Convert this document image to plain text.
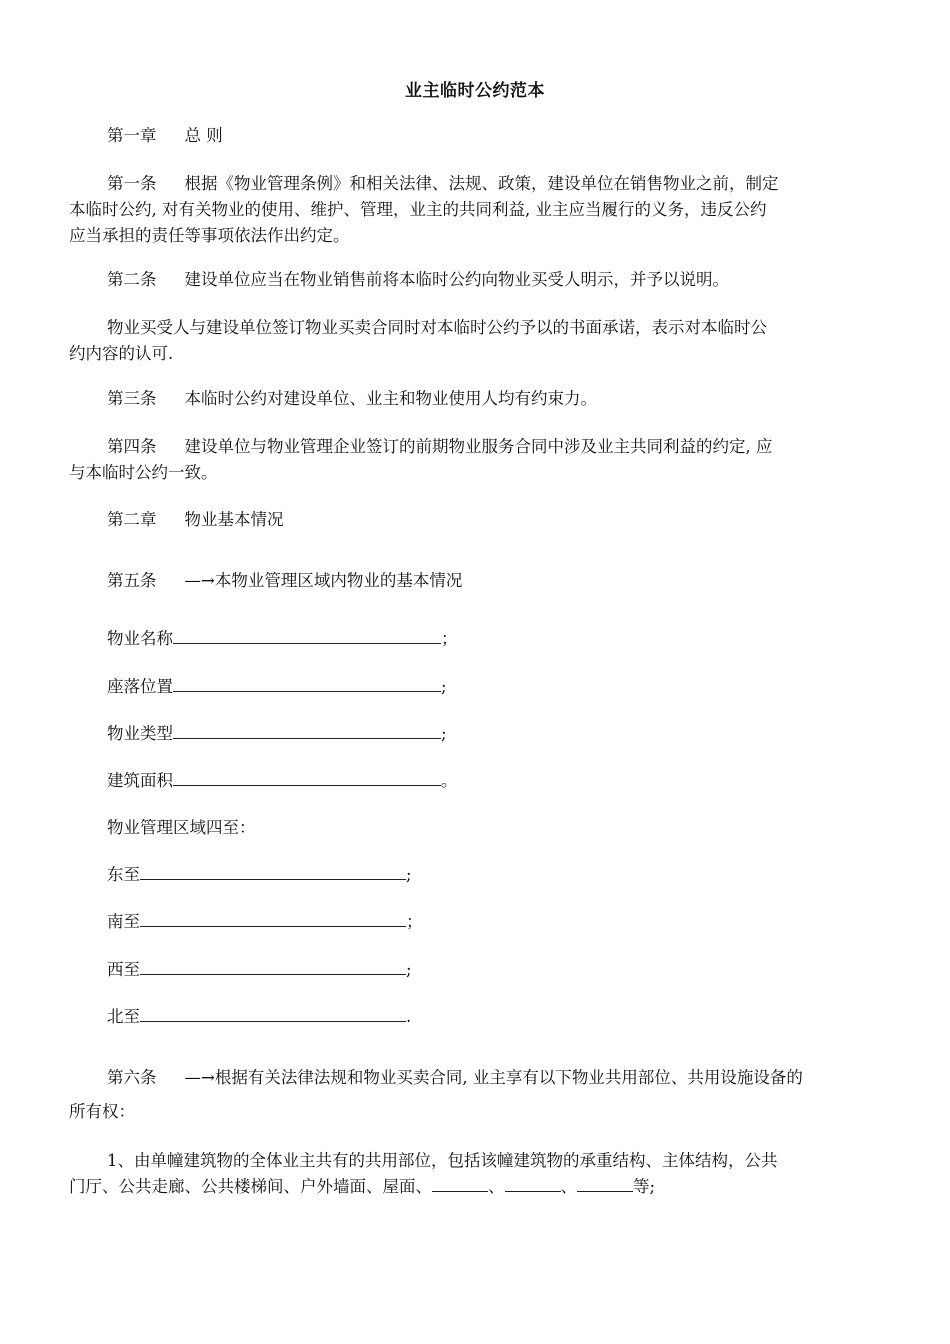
业主临时公约范本
第一章 总 则
第一条 根据《物业管理条例》和相关法律、法规、政策，建设单位在销售物业之前，制定
本临时公约, 对有关物业的使用、维护、管理，业主的共同利益, 业主应当履行的义务，违反公约
应当承担的责任等事项依法作出约定。
第二条 建设单位应当在物业销售前将本临时公约向物业买受人明示，并予以说明。
物业买受人与建设单位签订物业买卖合同时对本临时公约予以的书面承诺，表示对本临时公
约内容的认可.
第三条 本临时公约对建设单位、业主和物业使用人均有约束力。
第四条 建设单位与物业管理企业签订的前期物业服务合同中涉及业主共同利益的约定, 应
与本临时公约一致。
第二章 物业基本情况
第五条 —→本物业管理区域内物业的基本情况
物业名称	；
座落位置	;
物业类型	;
建筑面积	。
物业管理区域四至：
东至	;
南至	；
西至	;
北至	.
第六条 —→根据有关法律法规和物业买卖合同, 业主享有以下物业共用部位、共用设施设备的
所有权：
1、由单幢建筑物的全体业主共有的共用部位，包括该幢建筑物的承重结构、主体结构，公共
门厅、公共走廊、公共楼梯间、户外墙面、屋面、	、	、	等;
